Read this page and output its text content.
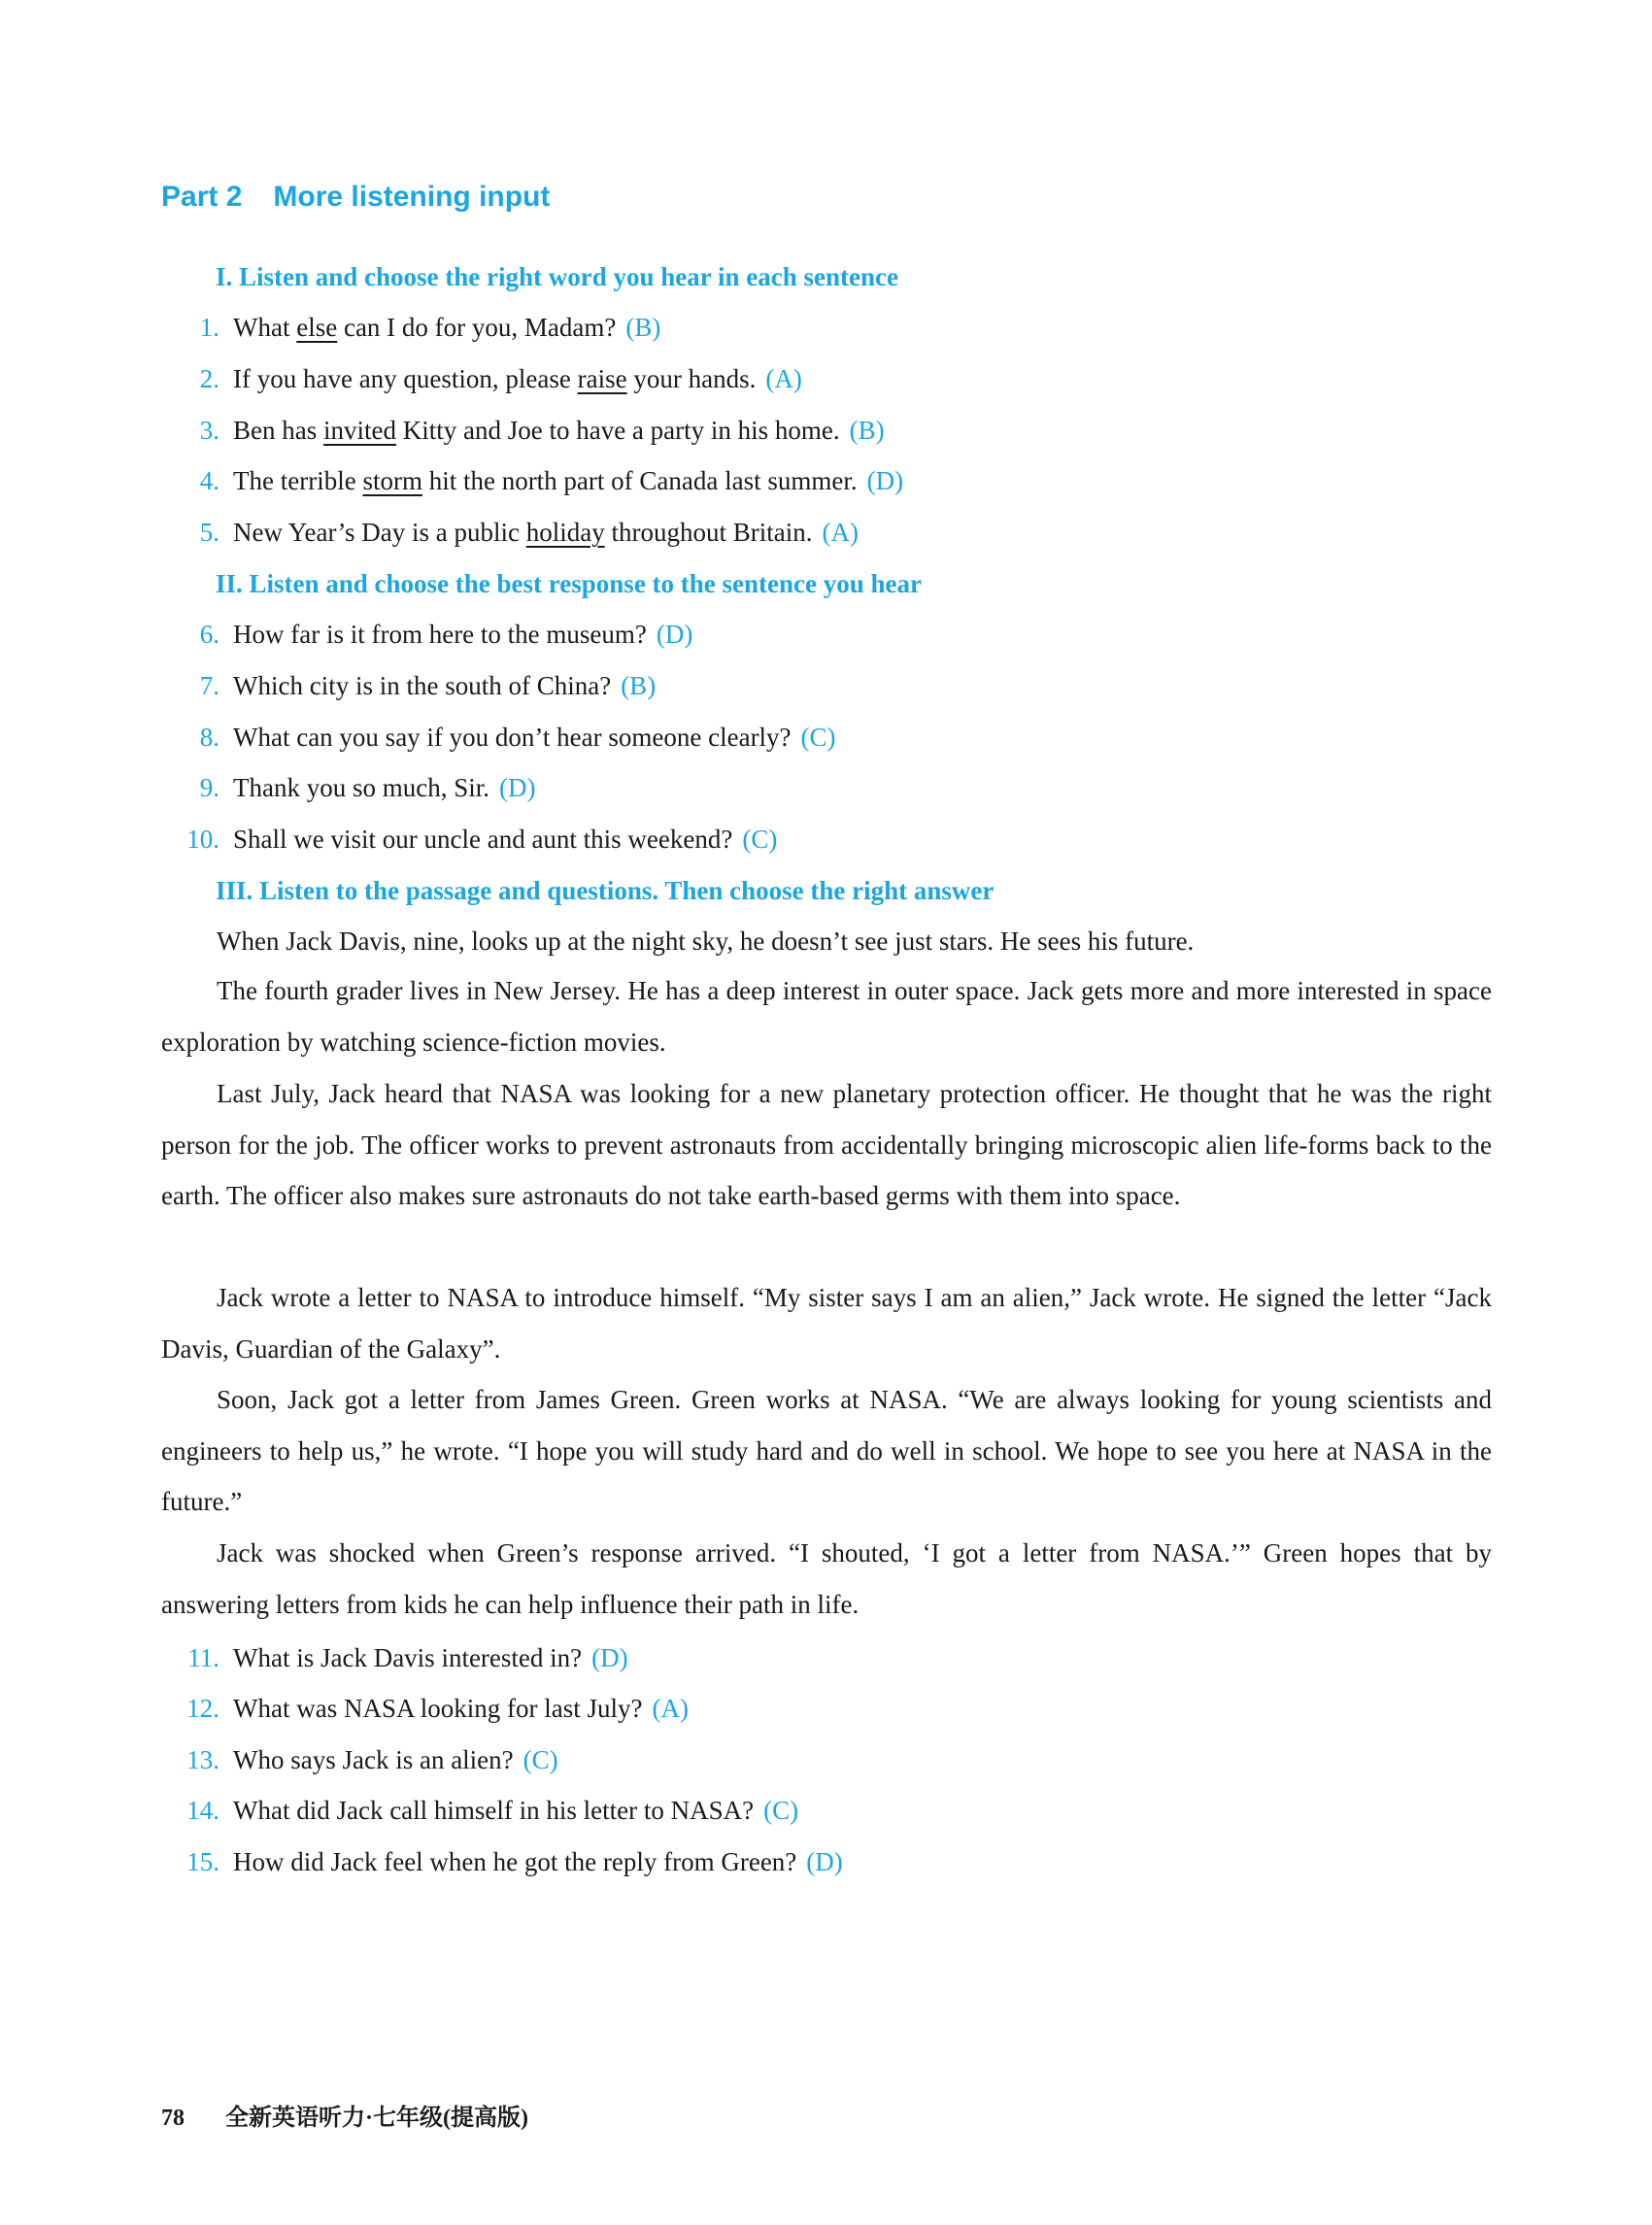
Part 2 More listening input
I. Listen and choose the right word you hear in each sentence
1. What else can I do for you, Madam? (B)
2. If you have any question, please raise your hands. (A)
3. Ben has invited Kitty and Joe to have a party in his home. (B)
4. The terrible storm hit the north part of Canada last summer. (D)
5. New Year’s Day is a public holiday throughout Britain. (A)
II. Listen and choose the best response to the sentence you hear
6. How far is it from here to the museum? (D)
7. Which city is in the south of China? (B)
8. What can you say if you don’t hear someone clearly? (C)
9. Thank you so much, Sir. (D)
10. Shall we visit our uncle and aunt this weekend? (C)
III. Listen to the passage and questions. Then choose the right answer
When Jack Davis, nine, looks up at the night sky, he doesn’t see just stars. He sees his future.
The fourth grader lives in New Jersey. He has a deep interest in outer space. Jack gets more and more interested in space exploration by watching science-fiction movies.
Last July, Jack heard that NASA was looking for a new planetary protection officer. He thought that he was the right person for the job. The officer works to prevent astronauts from accidentally bringing microscopic alien life-forms back to the earth. The officer also makes sure astronauts do not take earth-based germs with them into space.
Jack wrote a letter to NASA to introduce himself. “My sister says I am an alien,” Jack wrote. He signed the letter “Jack Davis, Guardian of the Galaxy”.
Soon, Jack got a letter from James Green. Green works at NASA. “We are always looking for young scientists and engineers to help us,” he wrote. “I hope you will study hard and do well in school. We hope to see you here at NASA in the future.”
Jack was shocked when Green’s response arrived. “I shouted, ‘I got a letter from NASA.’” Green hopes that by answering letters from kids he can help influence their path in life.
11. What is Jack Davis interested in? (D)
12. What was NASA looking for last July? (A)
13. Who says Jack is an alien? (C)
14. What did Jack call himself in his letter to NASA? (C)
15. How did Jack feel when he got the reply from Green? (D)
78 全新英语听力·七年级(提高版)
